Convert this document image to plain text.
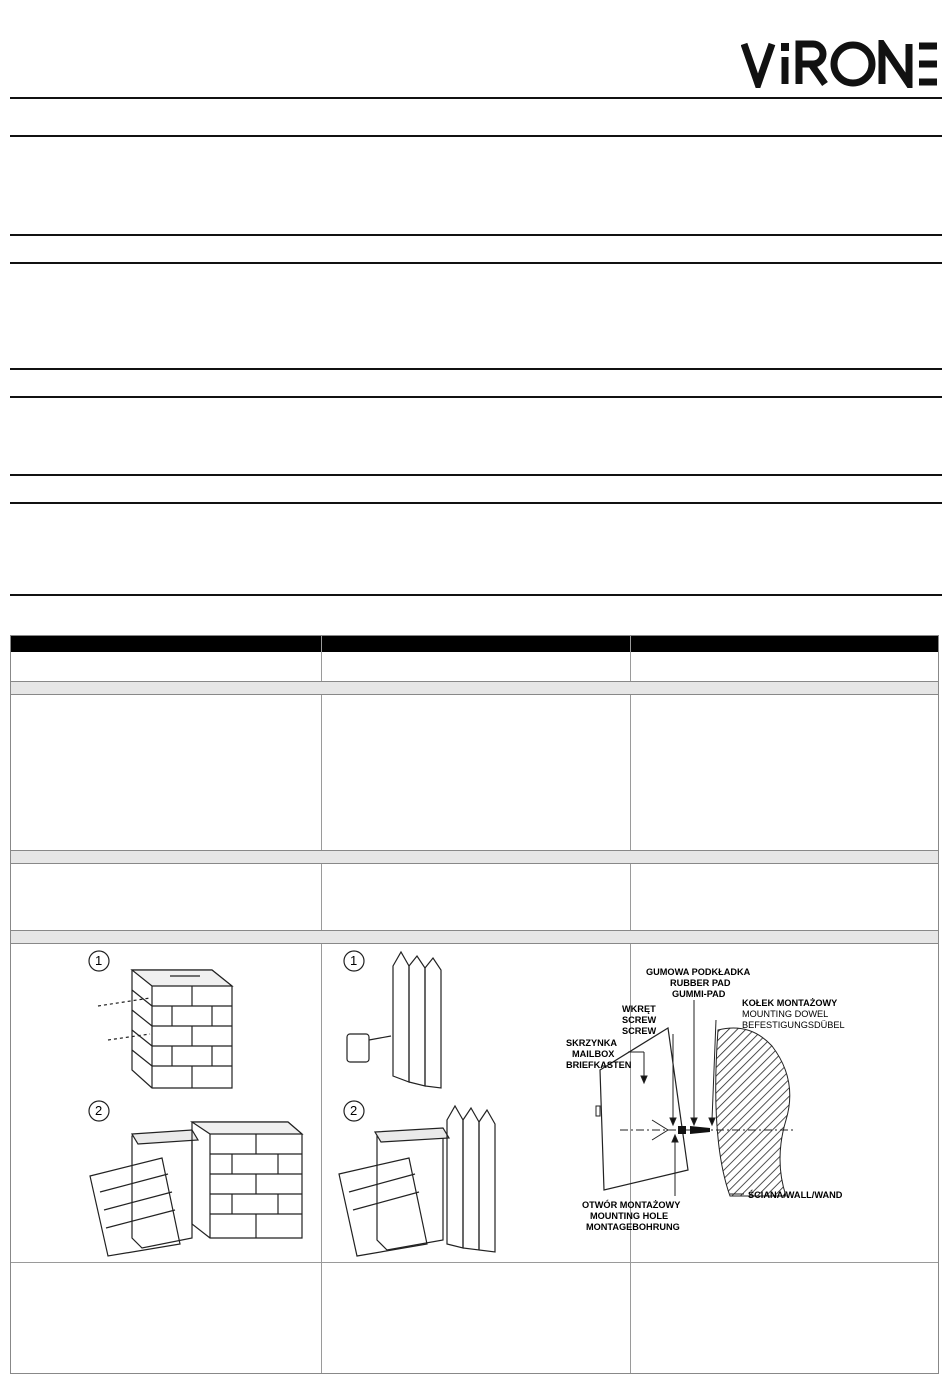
1
2
1
2
GUMOWA PODKŁADKA
RUBBER PAD
GUMMI-PAD
WKRĘT
SCREW
SCREW
KOŁEK MONTAŻOWY
MOUNTING DOWEL
BEFESTIGUNGSDÜBEL
SKRZYNKA
MAILBOX
BRIEFKASTEN
OTWÓR MONTAŻOWY
MOUNTING HOLE
MONTAGEBOHRUNG
ŚCIANA/WALL/WAND
